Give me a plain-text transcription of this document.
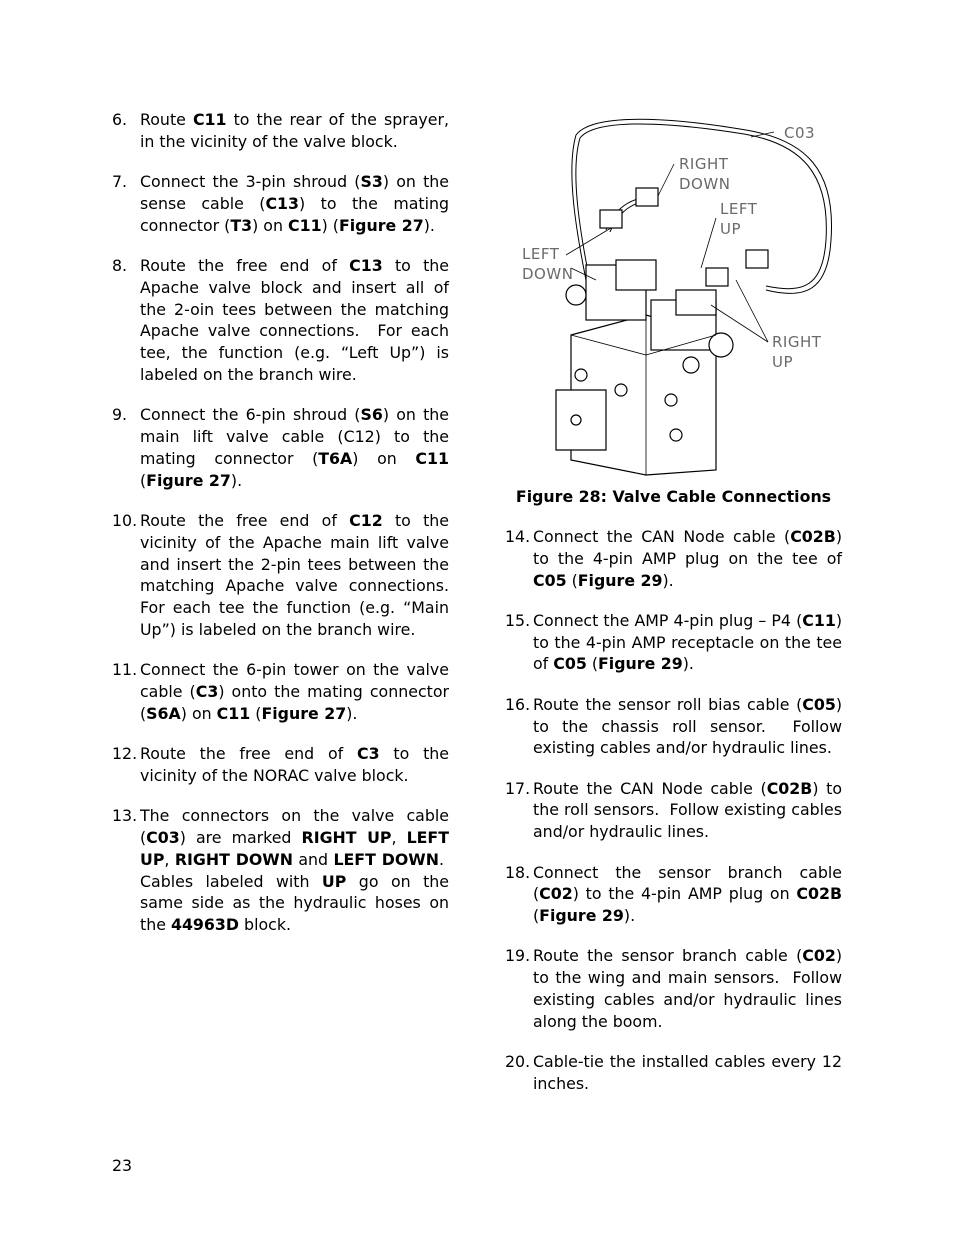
6. Route C11 to the rear of the sprayer, in the vicinity of the valve block.
7. Connect the 3-pin shroud (S3) on the sense cable (C13) to the mating connector (T3) on C11) (Figure 27).
8. Route the free end of C13 to the Apache valve block and insert all of the 2-oin tees between the matching Apache valve connections.  For each tee, the function (e.g. “Left Up”) is labeled on the branch wire.
9. Connect the 6-pin shroud (S6) on the main lift valve cable (C12) to the mating connector (T6A) on C11 (Figure 27).
10. Route the free end of C12 to the vicinity of the Apache main lift valve and insert the 2-pin tees between the matching Apache valve connections. For each tee the function (e.g. “Main Up”) is labeled on the branch wire.
11. Connect the 6-pin tower on the valve cable (C3) onto the mating connector (S6A) on C11 (Figure 27).
12. Route the free end of C3 to the vicinity of the NORAC valve block.
13. The connectors on the valve cable (C03) are marked RIGHT UP, LEFT UP, RIGHT DOWN and LEFT DOWN.  Cables labeled with UP go on the same side as the hydraulic hoses on the 44963D block.
C03
RIGHT
DOWN
LEFT
UP
LEFT
DOWN
RIGHT
UP
Figure 28: Valve Cable Connections
14. Connect the CAN Node cable (C02B) to the 4-pin AMP plug on the tee of C05 (Figure 29).
15. Connect the AMP 4-pin plug – P4 (C11) to the 4-pin AMP receptacle on the tee of C05 (Figure 29).
16. Route the sensor roll bias cable (C05) to the chassis roll sensor.  Follow existing cables and/or hydraulic lines.
17. Route the CAN Node cable (C02B) to the roll sensors.  Follow existing cables and/or hydraulic lines.
18. Connect the sensor branch cable (C02) to the 4-pin AMP plug on C02B (Figure 29).
19. Route the sensor branch cable (C02) to the wing and main sensors.  Follow existing cables and/or hydraulic lines along the boom.
20. Cable-tie the installed cables every 12 inches.
23
